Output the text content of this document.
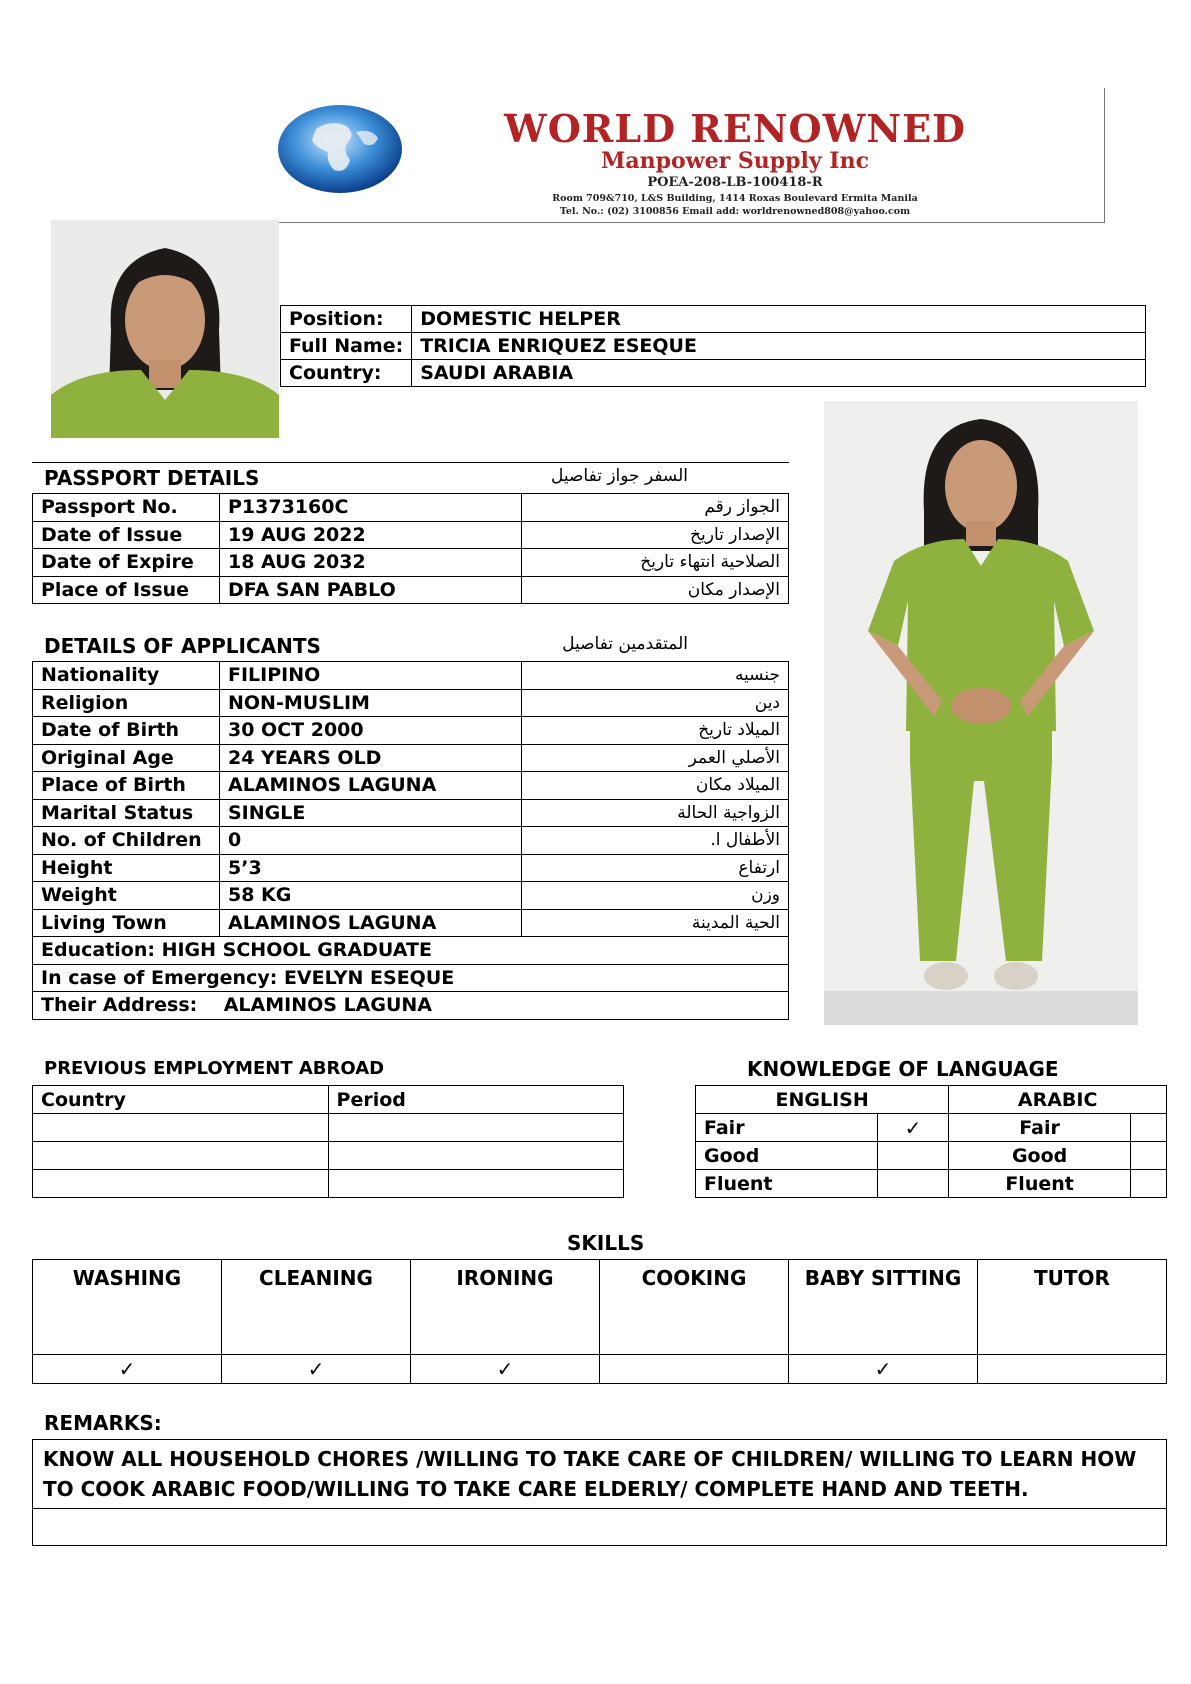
WORLD RENOWNED
Manpower Supply Inc
POEA-208-LB-100418-R
Room 709&710, L&S Building, 1414 Roxas Boulevard Ermita Manila
Tel. No.: (02) 3100856 Email add: worldrenowned808@yahoo.com
Position:	DOMESTIC HELPER
Full Name:	TRICIA ENRIQUEZ ESEQUE
Country:	SAUDI ARABIA
PASSPORT DETAILS	السفر جواز تفاصيل
Passport No.	P1373160C	الجواز رقم

Date of Issue	19 AUG 2022	الإصدار تاريخ

Date of Expire	18 AUG 2032	الصلاحية انتهاء تاريخ

Place of Issue	DFA SAN PABLO	الإصدار مكان
DETAILS OF APPLICANTS	المتقدمين تفاصيل
Nationality	FILIPINO	جنسيه

Religion	NON-MUSLIM	دين

Date of Birth	30 OCT 2000	الميلاد تاريخ

Original Age	24 YEARS OLD	الأصلي العمر

Place of Birth	ALAMINOS LAGUNA	الميلاد مكان

Marital Status	SINGLE	الزواجية الحالة

No. of Children	0	الأطفال ا.

Height	5’3	ارتفاع

Weight	58 KG	وزن

Living Town	ALAMINOS LAGUNA	الحية المدينة

Education: HIGH SCHOOL GRADUATE		
In case of Emergency: EVELYN ESEQUE		
Their Address: ALAMINOS LAGUNA		
PREVIOUS EMPLOYMENT ABROAD
Country	Period

KNOWLEDGE OF LANGUAGE
ENGLISH		ARABIC	
Fair	✓	Fair	
Good		Good	
Fluent		Fluent	
SKILLS
WASHING	CLEANING	IRONING	COOKING	BABY SITTING	TUTOR
✓	✓	✓		✓	
REMARKS:
KNOW ALL HOUSEHOLD CHORES /WILLING TO TAKE CARE OF CHILDREN/ WILLING TO LEARN HOW TO COOK ARABIC FOOD/WILLING TO TAKE CARE ELDERLY/ COMPLETE HAND AND TEETH.
